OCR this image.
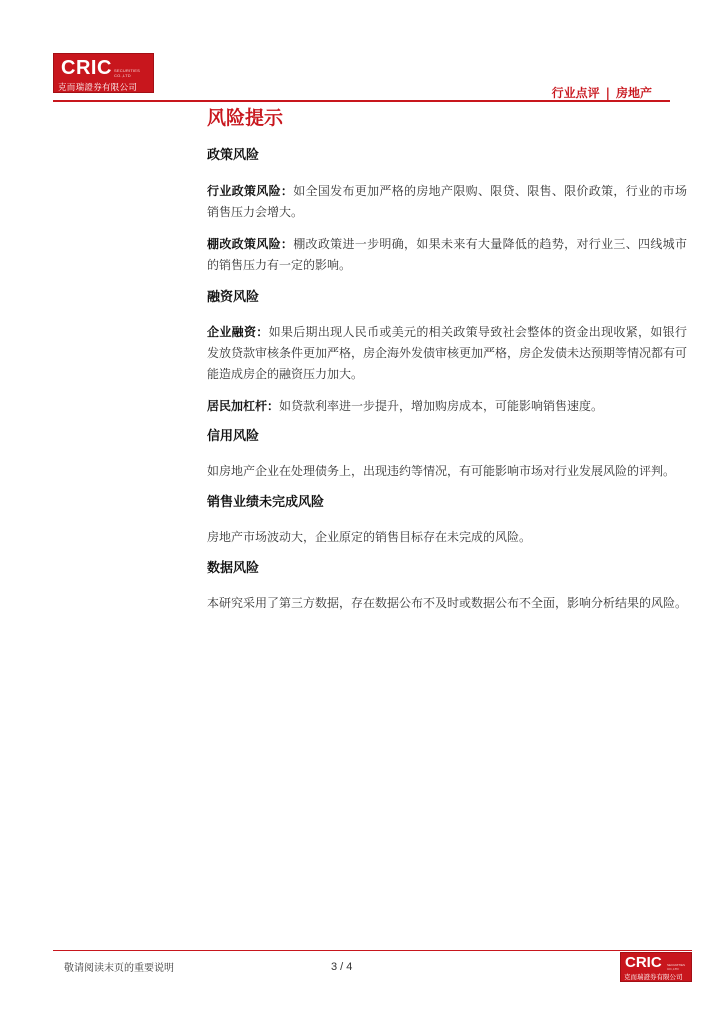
CRIC SECURITIES CO.,LTD
克而瑞證券有限公司	行业点评 | 房地产
风险提示

政策风险

行业政策风险：如全国发布更加严格的房地产限购、限贷、限售、限价政策，行业的市场销售压力会增大。

棚改政策风险：棚改政策进一步明确，如果未来有大量降低的趋势，对行业三、四线城市的销售压力有一定的影响。

融资风险

企业融资：如果后期出现人民币或美元的相关政策导致社会整体的资金出现收紧，如银行发放贷款审核条件更加严格，房企海外发债审核更加严格，房企发债未达预期等情况都有可能造成房企的融资压力加大。

居民加杠杆：如贷款利率进一步提升，增加购房成本，可能影响销售速度。

信用风险

如房地产企业在处理债务上，出现违约等情况，有可能影响市场对行业发展风险的评判。

销售业绩未完成风险

房地产市场波动大，企业原定的销售目标存在未完成的风险。

数据风险

本研究采用了第三方数据，存在数据公布不及时或数据公布不全面，影响分析结果的风险。

敬请阅读末页的重要说明	3 / 4	CRIC SECURITIES CO.,LTD
克而瑞證券有限公司
